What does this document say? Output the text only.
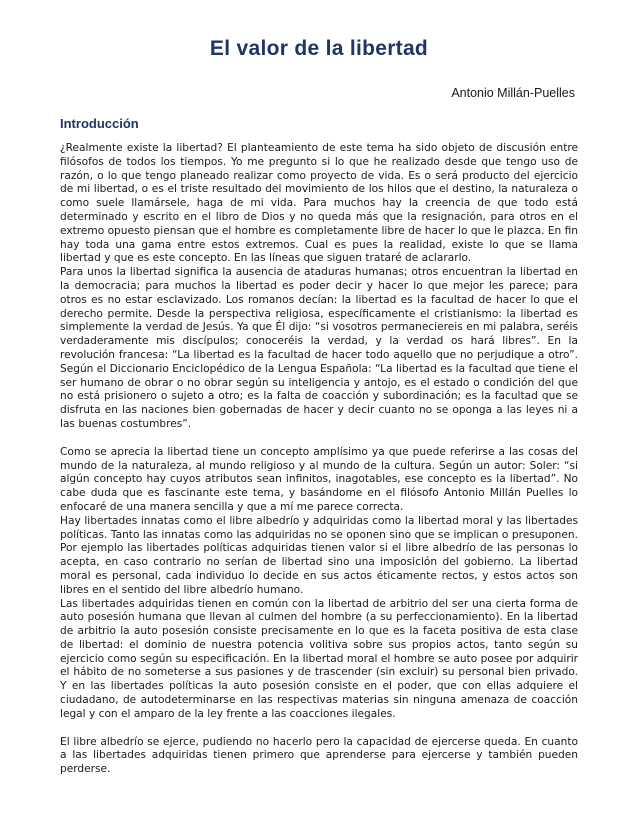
El valor de la libertad
Antonio Millán-Puelles
Introducción

¿Realmente existe la libertad? El planteamiento de este tema ha sido objeto de discusión entre filósofos de todos los tiempos. Yo me pregunto si lo que he realizado desde que tengo uso de razón, o lo que tengo planeado realizar como proyecto de vida. Es o será producto del ejercicio de mi libertad, o es el triste resultado del movimiento de los hilos que el destino, la naturaleza o como suele llamársele, haga de mi vida. Para muchos hay la creencia de que todo está determinado y escrito en el libro de Dios y no queda más que la resignación, para otros en el extremo opuesto piensan que el hombre es completamente libre de hacer lo que le plazca. En fin hay toda una gama entre estos extremos. Cual es pues la realidad, existe lo que se llama libertad y que es este concepto. En las líneas que siguen trataré de aclararlo.

Para unos la libertad significa la ausencia de ataduras humanas; otros encuentran la libertad en la democracia; para muchos la libertad es poder decir y hacer lo que mejor les parece; para otros es no estar esclavizado. Los romanos decían: la libertad es la facultad de hacer lo que el derecho permite. Desde la perspectiva religiosa, específicamente el cristianismo: la libertad es simplemente la verdad de Jesús. Ya que Él dijo: “si vosotros permaneciereis en mi palabra, seréis verdaderamente mis discípulos; conoceréis la verdad, y la verdad os hará libres”. En la revolución francesa: “La libertad es la facultad de hacer todo aquello que no perjudique a otro”. Según el Diccionario Enciclopédico de la Lengua Española: “La libertad es la facultad que tiene el ser humano de obrar o no obrar según su inteligencia y antojo, es el estado o condición del que no está prisionero o sujeto a otro; es la falta de coacción y subordinación; es la facultad que se disfruta en las naciones bien gobernadas de hacer y decir cuanto no se oponga a las leyes ni a las buenas costumbres”.

Como se aprecia la libertad tiene un concepto amplísimo ya que puede referirse a las cosas del mundo de la naturaleza, al mundo religioso y al mundo de la cultura. Según un autor: Soler: “si algún concepto hay cuyos atributos sean infinitos, inagotables, ese concepto es la libertad”. No cabe duda que es fascinante este tema, y basándome en el filósofo Antonio Millán Puelles lo enfocaré de una manera sencilla y que a mí me parece correcta.

Hay libertades innatas como el libre albedrío y adquiridas como la libertad moral y las libertades políticas. Tanto las innatas como las adquiridas no se oponen sino que se implican o presuponen. Por ejemplo las libertades políticas adquiridas tienen valor si el libre albedrío de las personas lo acepta, en caso contrario no serían de libertad sino una imposición del gobierno. La libertad moral es personal, cada individuo lo decide en sus actos éticamente rectos, y estos actos son libres en el sentido del libre albedrío humano.

Las libertades adquiridas tienen en común con la libertad de arbitrio del ser una cierta forma de auto posesión humana que llevan al culmen del hombre (a su perfeccionamiento). En la libertad de arbitrio la auto posesión consiste precisamente en lo que es la faceta positiva de esta clase de libertad: el dominio de nuestra potencia volitiva sobre sus propios actos, tanto según su ejercicio como según su especificación. En la libertad moral el hombre se auto posee por adquirir el hábito de no someterse a sus pasiones y de trascender (sin excluir) su personal bien privado. Y en las libertades políticas la auto posesión consiste en el poder, que con ellas adquiere el ciudadano, de autodeterminarse en las respectivas materias sin ninguna amenaza de coacción legal y con el amparo de la ley frente a las coacciones ilegales.

El libre albedrío se ejerce, pudiendo no hacerlo pero la capacidad de ejercerse queda. En cuanto a las libertades adquiridas tienen primero que aprenderse para ejercerse y también pueden perderse.
